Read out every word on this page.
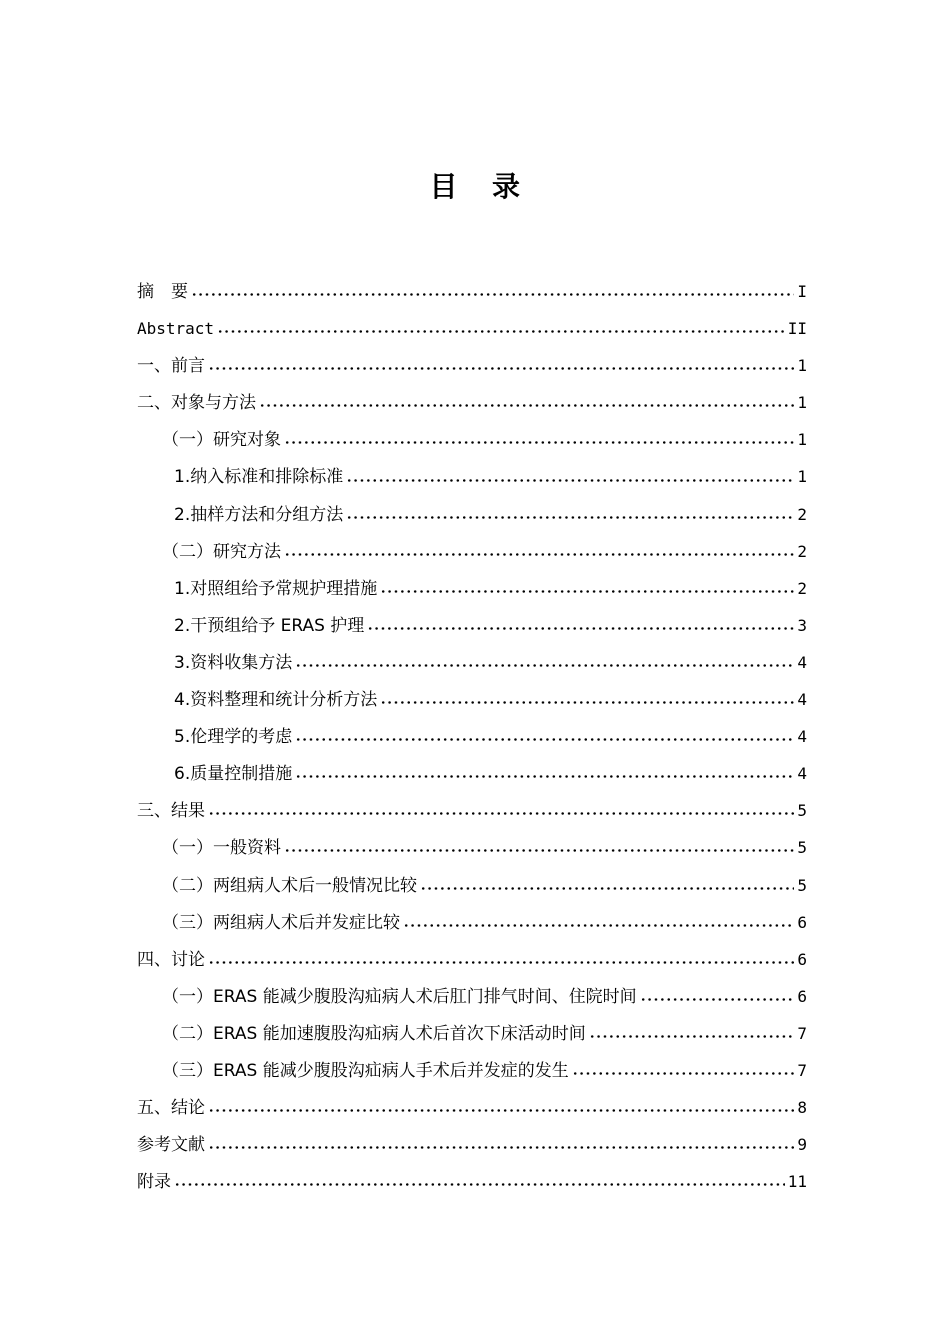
目 录
摘　要	I
Abstract	II
一、前言	1
二、对象与方法	1
（一）研究对象	1
1.纳入标准和排除标准	1
2.抽样方法和分组方法	2
（二）研究方法	2
1.对照组给予常规护理措施	2
2.干预组给予 ERAS 护理	3
3.资料收集方法	4
4.资料整理和统计分析方法	4
5.伦理学的考虑	4
6.质量控制措施	4
三、结果	5
（一）一般资料	5
（二）两组病人术后一般情况比较	5
（三）两组病人术后并发症比较	6
四、讨论	6
（一）ERAS 能减少腹股沟疝病人术后肛门排气时间、住院时间	6
（二）ERAS 能加速腹股沟疝病人术后首次下床活动时间	7
（三）ERAS 能减少腹股沟疝病人手术后并发症的发生	7
五、结论	8
参考文献	9
附录	11
